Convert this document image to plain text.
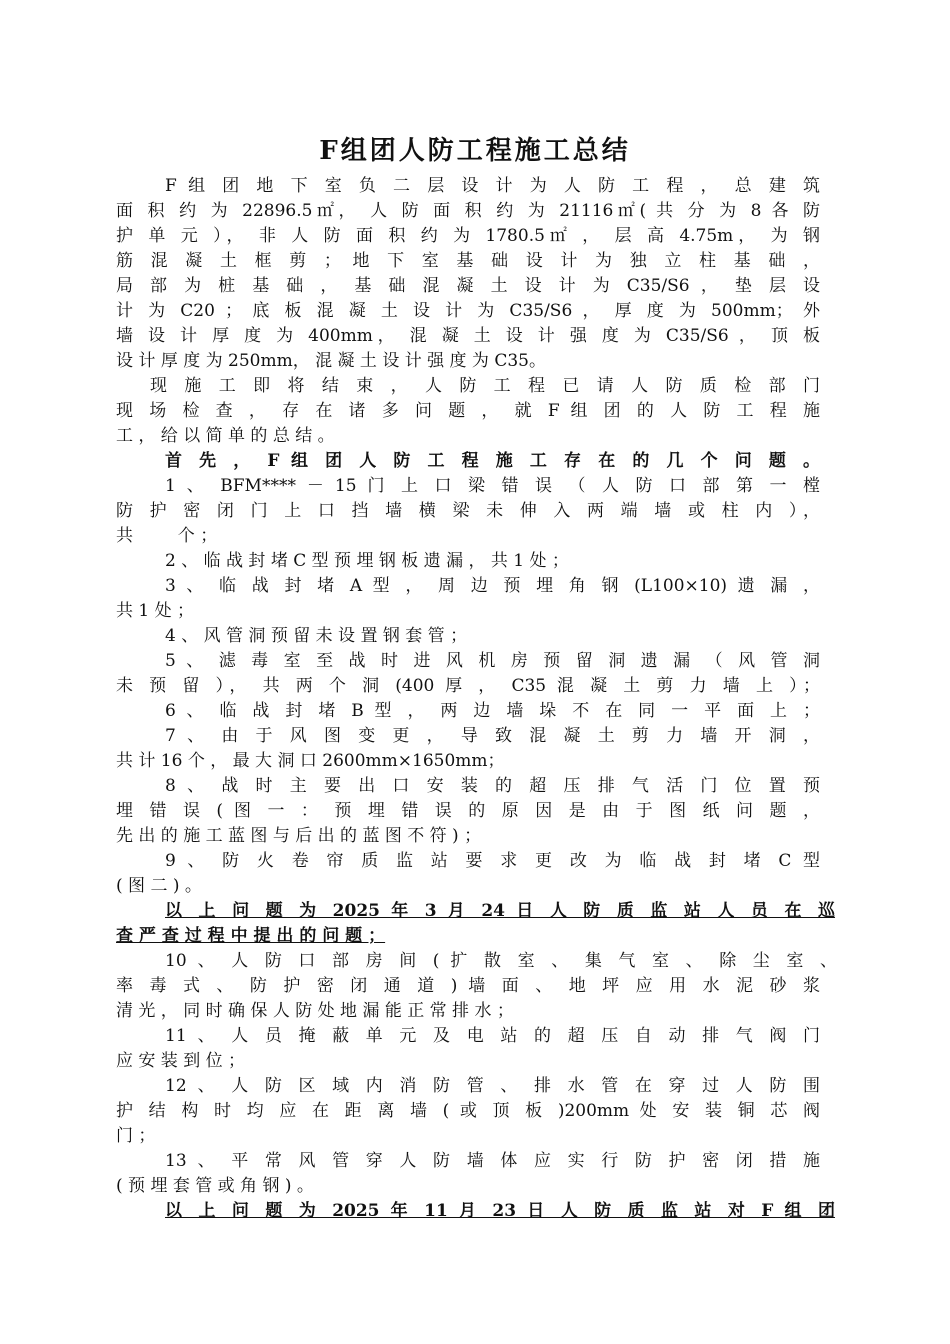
F组团人防工程施工总结
F 组 团 地 下 室 负 二 层 设 计 为 人 防 工 程 ， 总 建 筑
面 积 约 为 22896.5㎡， 人 防 面 积 约 为 21116㎡( 共 分 为 8 各 防
护 单 元 ）， 非 人 防 面 积 约 为 1780.5㎡ ， 层 高 4.75m， 为 钢
筋 混 凝 土 框 剪 ； 地 下 室 基 础 设 计 为 独 立 柱 基 础 ，
局 部 为 桩 基 础 ， 基 础 混 凝 土 设 计 为 C35/S6 ， 垫 层 设
计 为 C20 ； 底 板 混 凝 土 设 计 为 C35/S6 ， 厚 度 为 500mm； 外
墙 设 计 厚 度 为 400mm， 混 凝 土 设 计 强 度 为 C35/S6 ， 顶 板
设 计 厚 度 为 250mm， 混 凝 土 设 计 强 度 为 C35。
现 施 工 即 将 结 束 ， 人 防 工 程 已 请 人 防 质 检 部 门
现 场 检 查 ， 存 在 诸 多 问 题 ， 就 F 组 团 的 人 防 工 程 施
工 ， 给 以 简 单 的 总 结 。
首 先 ， F 组 团 人 防 工 程 施 工 存 在 的 几 个 问 题 。
1 、 BFM**** － 15 门 上 口 梁 错 误 （ 人 防 口 部 第 一 樘
防 护 密 闭 门 上 口 挡 墙 横 梁 未 伸 入 两 端 墙 或 柱 内 ），
共 　　 个 ；
2 、 临 战 封 堵 C 型 预 埋 钢 板 遗 漏 ， 共 1 处 ；
3 、 临 战 封 堵 A 型 ， 周 边 预 埋 角 钢 (L100×10) 遗 漏 ，
共 1 处 ；
4 、 风 管 洞 预 留 未 设 置 钢 套 管 ；
5 、 滤 毒 室 至 战 时 进 风 机 房 预 留 洞 遗 漏 （ 风 管 洞
未 预 留 ）， 共 两 个 洞 (400 厚 ， C35 混 凝 土 剪 力 墙 上 ）；
6 、 临 战 封 堵 B 型 ， 两 边 墙 垛 不 在 同 一 平 面 上 ；
7 、 由 于 风 图 变 更 ， 导 致 混 凝 土 剪 力 墙 开 洞 ，
共 计 16 个 ， 最 大 洞 口 2600mm×1650mm；
8 、 战 时 主 要 出 口 安 装 的 超 压 排 气 活 门 位 置 预
埋 错 误 ( 图 一 ： 预 埋 错 误 的 原 因 是 由 于 图 纸 问 题 ，
先 出 的 施 工 蓝 图 与 后 出 的 蓝 图 不 符 ) ；
9 、 防 火 卷 帘 质 监 站 要 求 更 改 为 临 战 封 堵 C 型
( 图 二 ) 。
以 上 问 题 为 2025 年 3 月 24 日 人 防 质 监 站 人 员 在 巡
查 严 查 过 程 中 提 出 的 问 题 ；
10 、 人 防 口 部 房 间 ( 扩 散 室 、 集 气 室 、 除 尘 室 、
率 毒 式 、 防 护 密 闭 通 道 ) 墙 面 、 地 坪 应 用 水 泥 砂 浆
清 光 ， 同 时 确 保 人 防 处 地 漏 能 正 常 排 水 ；
11 、 人 员 掩 蔽 单 元 及 电 站 的 超 压 自 动 排 气 阀 门
应 安 装 到 位 ；
12 、 人 防 区 域 内 消 防 管 、 排 水 管 在 穿 过 人 防 围
护 结 构 时 均 应 在 距 离 墙 ( 或 顶 板 )200mm 处 安 装 铜 芯 阀
门 ；
13 、 平 常 风 管 穿 人 防 墙 体 应 实 行 防 护 密 闭 措 施
( 预 埋 套 管 或 角 钢 ) 。
以 上 问 题 为 2025 年 11 月 23 日 人 防 质 监 站 对 F 组 团
